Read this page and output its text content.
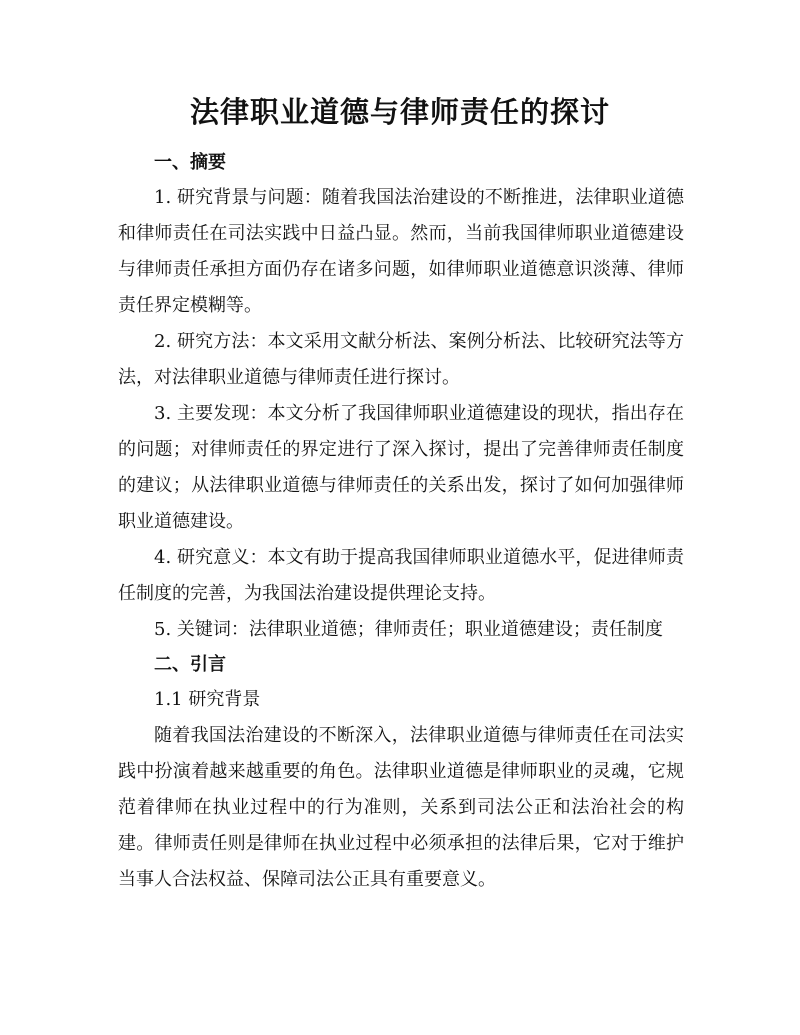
法律职业道德与律师责任的探讨

一、摘要

1. 研究背景与问题：随着我国法治建设的不断推进，法律职业道德和律师责任在司法实践中日益凸显。然而，当前我国律师职业道德建设与律师责任承担方面仍存在诸多问题，如律师职业道德意识淡薄、律师责任界定模糊等。

2. 研究方法：本文采用文献分析法、案例分析法、比较研究法等方法，对法律职业道德与律师责任进行探讨。

3. 主要发现：本文分析了我国律师职业道德建设的现状，指出存在的问题；对律师责任的界定进行了深入探讨，提出了完善律师责任制度的建议；从法律职业道德与律师责任的关系出发，探讨了如何加强律师职业道德建设。

4. 研究意义：本文有助于提高我国律师职业道德水平，促进律师责任制度的完善，为我国法治建设提供理论支持。

5. 关键词：法律职业道德；律师责任；职业道德建设；责任制度

二、引言

1.1 研究背景

随着我国法治建设的不断深入，法律职业道德与律师责任在司法实践中扮演着越来越重要的角色。法律职业道德是律师职业的灵魂，它规范着律师在执业过程中的行为准则，关系到司法公正和法治社会的构建。律师责任则是律师在执业过程中必须承担的法律后果，它对于维护当事人合法权益、保障司法公正具有重要意义。
